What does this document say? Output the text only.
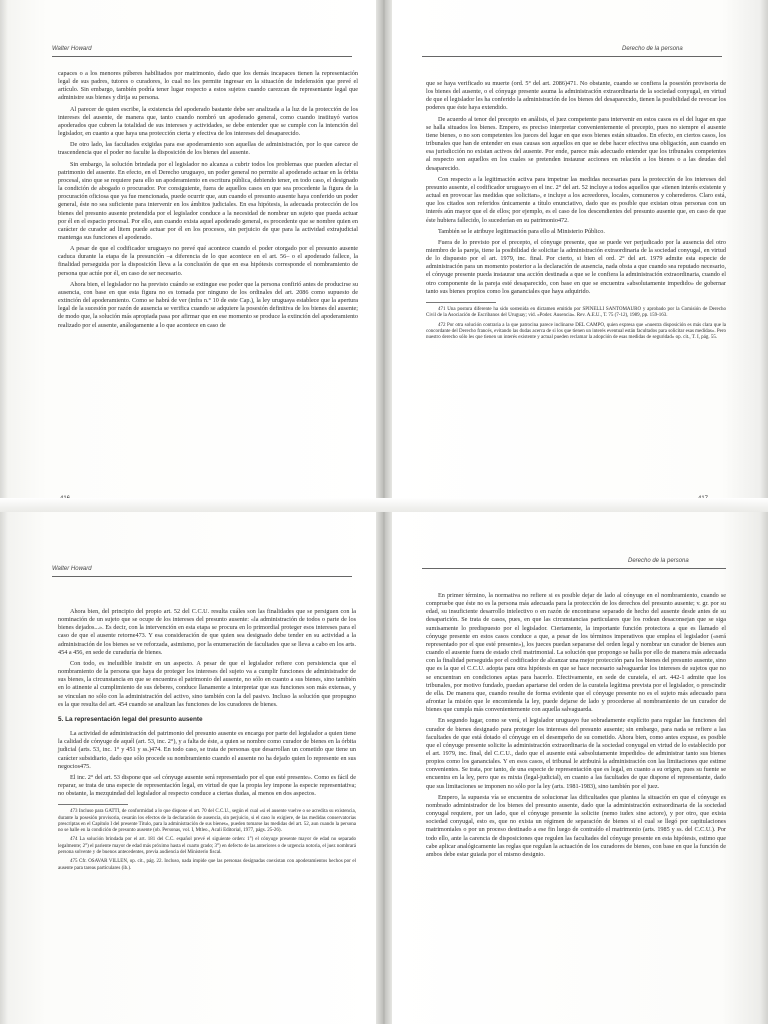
Walter Howard

capaces o a los menores púberes habilitados por matrimonio, dado que los demás incapaces tienen la representación legal de sus padres, tutores o curadores, lo cual no les permite ingresar en la situación de indefensión que prevé el artículo. Sin embargo, también podría tener lugar respecto a estos sujetos cuando carezcan de representante legal que administre sus bienes y dirija su persona.

Al parecer de quien escribe, la existencia del apoderado bastante debe ser analizada a la luz de la protección de los intereses del ausente, de manera que, tanto cuando nombró un apoderado general, como cuando instituyó varios apoderados que cubren la totalidad de sus intereses y actividades, se debe entender que se cumple con la intención del legislador, en cuanto a que haya una protección cierta y efectiva de los intereses del desaparecido.

De otro lado, las facultades exigidas para ese apoderamiento son aquellas de administración, por lo que carece de trascendencia que el poder no faculte la disposición de los bienes del ausente.

Sin embargo, la solución brindada por el legislador no alcanza a cubrir todos los problemas que pueden afectar el patrimonio del ausente. En efecto, en el Derecho uruguayo, un poder general no permite al apoderado actuar en la órbita procesal, sino que se requiere para ello un apoderamiento en escritura pública, debiendo tener, en todo caso, el designado la condición de abogado o procurador. Por consiguiente, fuera de aquellos casos en que sea procedente la figura de la procuración oficiosa que ya fue mencionada, puede ocurrir que, aun cuando el presunto ausente haya conferido un poder general, éste no sea suficiente para intervenir en los ámbitos judiciales. En esa hipótesis, la adecuada protección de los bienes del presunto ausente pretendida por el legislador conduce a la necesidad de nombrar un sujeto que pueda actuar por él en el espacio procesal. Por ello, aun cuando exista aquel apoderado general, es procedente que se nombre quien en carácter de curador ad litem puede actuar por él en los procesos, sin perjuicio de que para la actividad extrajudicial mantenga sus funciones el apoderado.

A pesar de que el codificador uruguayo no prevé qué acontece cuando el poder otorgado por el presunto ausente caduca durante la etapa de la presunción –a diferencia de lo que acontece en el art. 56– o el apoderado fallece, la finalidad perseguida por la disposición lleva a la conclusión de que en esa hipótesis corresponde el nombramiento de persona que actúe por él, en caso de ser necesario.

Ahora bien, el legislador no ha previsto cuándo se extingue ese poder que la persona confirió antes de producirse su ausencia, con base en que esta figura no es tomada por ninguno de los ordinales del art. 2086 como supuesto de extinción del apoderamiento. Como se habrá de ver (infra n.° 10 de este Cap.), la ley uruguaya establece que la apertura legal de la sucesión por razón de ausencia se verifica cuando se adquiere la posesión definitiva de los bienes del ausente; de modo que, la solución más apropiada pasa por afirmar que en ese momento se produce la extinción del apoderamiento realizado por el ausente, análogamente a lo que acontece en caso de

Derecho de la persona

que se haya verificado su muerte (ord. 5° del art. 2086)471. No obstante, cuando se confiera la posesión provisoria de los bienes del ausente, o el cónyuge presente asuma la administración extraordinaria de la sociedad conyugal, en virtud de que el legislador les ha conferido la administración de los bienes del desaparecido, tienen la posibilidad de revocar los poderes que éste haya extendido.

De acuerdo al tenor del precepto en análisis, el juez competente para intervenir en estos casos es el del lugar en que se halla situados los bienes. Empero, es preciso interpretar convenientemente el precepto, pues no siempre el ausente tiene bienes, o no son competentes los jueces del lugar en que esos bienes están situados. En efecto, en ciertos casos, los tribunales que han de entender en esas causas son aquellos en que se debe hacer efectiva una obligación, aun cuando en esa jurisdicción no existan activos del ausente. Por ende, parece más adecuado entender que los tribunales competentes al respecto son aquellos en los cuales se pretenden instaurar acciones en relación a los bienes o a las deudas del desaparecido.

Con respecto a la legitimación activa para impetrar las medidas necesarias para la protección de los intereses del presunto ausente, el codificador uruguayo en el inc. 2° del art. 52 incluye a todos aquellos que «tienen interés existente y actual en provocar las medidas que solicitan», e incluye a los acreedores, locales, comuneros y coherederos. Claro está, que los citados son referidos únicamente a título enunciativo, dado que es posible que existan otras personas con un interés aún mayor que el de ellos; por ejemplo, es el caso de los descendientes del presunto ausente que, en caso de que éste hubiera fallecido, lo sucederían en su patrimonio472.

También se le atribuye legitimación para ello al Ministerio Público.

Fuera de lo previsto por el precepto, el cónyuge presente, que se puede ver perjudicado por la ausencia del otro miembro de la pareja, tiene la posibilidad de solicitar la administración extraordinaria de la sociedad conyugal, en virtud de lo dispuesto por el art. 1979, inc. final. Por cierto, si bien el ord. 2° del art. 1979 admite esta especie de administración para un momento posterior a la declaración de ausencia, nada obsta a que cuando sea reputado necesario, el cónyuge presente pueda instaurar una acción destinada a que se le confiera la administración extraordinaria, cuando el otro componente de la pareja esté desaparecido, con base en que se encuentra «absolutamente impedido» de gobernar tanto sus bienes propios como los gananciales que haya adquirido.

471 Una postura diferente ha sido sostenida en dictamen emitido por SPINELLI SANTOMAURO y aprobado por la Comisión de Derecho Civil de la Asociación de Escribanos del Uruguay; vid. «Poder. Ausencia». Rev. A.E.U., T. 75 (7-12), 1989, pp. 159-163.

472 Por otra solución contraria a la que patrocina parece inclinarse DEL CAMPO, quien expresa que «nuestra disposición es más clara que la concordante del Derecho francés, evitando las dudas acerca de si los que tienen un interés eventual están facultados para solicitar esas medidas». Pero nuestro derecho sólo les que tienen un interés existente y actual pueden reclamar la adopción de esas medidas de seguridad» op. cit., T. I, pág. 55.

Walter Howard

Ahora bien, del principio del propio art. 52 del C.C.U. resulta cuáles son las finalidades que se persiguen con la nominación de un sujeto que se ocupe de los intereses del presunto ausente: «la administración de todos o parte de los bienes dejados...». Es decir, con la intervención en esta etapa se procura en lo primordial proteger esos intereses para el caso de que el ausente retorne473. Y esa consideración de que quien sea designado debe tender en su actividad a la administración de los bienes se ve reforzada, asimismo, por la enumeración de facultades que se lleva a cabo en los arts. 454 a 456, en sede de curaduría de bienes.

Con todo, es ineludible insistir en un aspecto. A pesar de que el legislador refiere con persistencia que el nombramiento de la persona que haya de proteger los intereses del sujeto va a cumplir funciones de administrador de sus bienes, la circunstancia en que se encuentra el patrimonio del ausente, no sólo en cuanto a sus bienes, sino también en lo atinente al cumplimiento de sus deberes, conduce llanamente a interpretar que sus funciones son más extensas, y se vinculan no sólo con la administración del activo, sino también con la del pasivo. Incluso la solución que propugno es la que resulta del art. 454 cuando se analizan las funciones de los curadores de bienes.

5. La representación legal del presunto ausente

La actividad de administración del patrimonio del presunto ausente es encarga por parte del legislador a quien tiene la calidad de cónyuge de aquél (art. 53, inc. 2°), y a falta de éste, a quien se nombre como curador de bienes en la órbita judicial (arts. 53, inc. 1° y 451 y ss.)474. En todo caso, se trata de personas que desarrollan un cometido que tiene un carácter subsidiario, dado que sólo procede su nombramiento cuando el ausente no ha dejado quien lo represente en sus negocios475.

El inc. 2° del art. 53 dispone que «el cónyuge ausente será representado por el que esté presente». Como es fácil de reparar, se trata de una especie de representación legal, en virtud de que la propia ley impone la especie representativa; no obstante, la mezquindad del legislador al respecto conduce a ciertas dudas, al menos en dos aspectos.

473 Incluso para GATTI, de conformidad a lo que dispone el art. 70 del C.C.U., según el cual «si el ausente vuelve o se acredita su existencia, durante la posesión provisoria, cesarán los efectos de la declaración de ausencia, sin perjuicio, si el caso lo exigiere, de las medidas conservatorias prescriptas en el Capítulo I del presente Título, para la administración de sus bienes», pueden tomarse las medidas del art. 52, aun cuando la persona no se halle en la condición de presunto ausente (ob. Personas, vol. I, Mtleo., Acali Editorial, 1977, págs. 25-26).

474 La solución brindada por el art. 181 del C.C. español prevé el siguiente orden: 1°) el cónyuge presente mayor de edad no separado legalmente; 2°) el pariente mayor de edad más próximo hasta el cuarto grado; 3°) en defecto de las anteriores o de urgencia notoria, el juez nombrará persona solvente y de buenos antecedentes, previa audiencia del Ministerio fiscal.

475 Cfr. OSAVAR VILLEN, op. cit., pág. 22. Incluso, nada impide que las personas designadas coexistan con apoderamientos hechos por el ausente para tareas particulares (ib.).

Derecho de la persona

En primer término, la normativa no refiere si es posible dejar de lado al cónyuge en el nombramiento, cuando se compruebe que éste no es la persona más adecuada para la protección de los derechos del presunto ausente; v. gr. por su edad, su insuficiente desarrollo intelectivo o en razón de encontrarse separado de hecho del ausente desde antes de su desaparición. Se trata de casos, pues, en que las circunstancias particulares que los rodean desaconsejan que se siga sumisamente lo predispuesto por el legislador. Ciertamente, la importante función protectora a que es llamado el cónyuge presente en estos casos conduce a que, a pesar de los términos imperativos que emplea el legislador («será representado por el que esté presente»), los jueces puedan separarse del orden legal y nombrar un curador de bienes aun cuando el ausente fuera de estado civil matrimonial. La solución que propongo se halla por ello de manera más adecuada con la finalidad perseguida por el codificador de alcanzar una mejor protección para los bienes del presunto ausente, sino que es la que el C.C.U. adopta para otra hipótesis en que se hace necesario salvaguardar los intereses de sujetos que no se encuentran en condiciones aptas para hacerlo. Efectivamente, en sede de curatela, el art. 442-1 admite que los tribunales, por motivo fundado, puedan apartarse del orden de la curatela legítima prevista por el legislador, o prescindir de ella. De manera que, cuando resulte de forma evidente que el cónyuge presente no es el sujeto más adecuado para afrontar la misión que le encomienda la ley, puede dejarse de lado y procederse al nombramiento de un curador de bienes que cumpla más convenientemente con aquella salvaguarda.

En segundo lugar, como se verá, el legislador uruguayo fue sobradamente explícito para regular las funciones del curador de bienes designado para proteger los intereses del presunto ausente; sin embargo, para nada se refiere a las facultades de que está dotado el cónyuge en el desempeño de su cometido. Ahora bien, como antes expuse, es posible que el cónyuge presente solicite la administración extraordinaria de la sociedad conyugal en virtud de lo establecido por el art. 1979, inc. final, del C.C.U., dado que el ausente está «absolutamente impedido» de administrar tanto sus bienes propios como los gananciales. Y en esos casos, el tribunal le atribuirá la administración con las limitaciones que estime convenientes. Se trata, por tanto, de una especie de representación que es legal, en cuanto a su origen, pues su fuente se encuentra en la ley, pero que es mixta (legal-judicial), en cuanto a las facultades de que dispone el representante, dado que sus limitaciones se imponen no sólo por la ley (arts. 1981-1983), sino también por el juez.

Empero, la supuesta vía se encuentra de solucionar las dificultades que plantea la situación en que el cónyuge es nombrado administrador de los bienes del presunto ausente, dado que la administración extraordinaria de la sociedad conyugal requiere, por un lado, que el cónyuge presente la solicite (nemo iudex sine actore), y por otro, que exista sociedad conyugal, esto es, que no exista un régimen de separación de bienes si el cual se llegó por capitulaciones matrimoniales o por un proceso destinado a ese fin luego de contraído el matrimonio (arts. 1985 y ss. del C.C.U.). Por todo ello, ante la carencia de disposiciones que regulen las facultades del cónyuge presente en esta hipótesis, estimo que cabe aplicar analógicamente las reglas que regulan la actuación de los curadores de bienes, con base en que la función de ambos debe estar guiada por el mismo designio.
